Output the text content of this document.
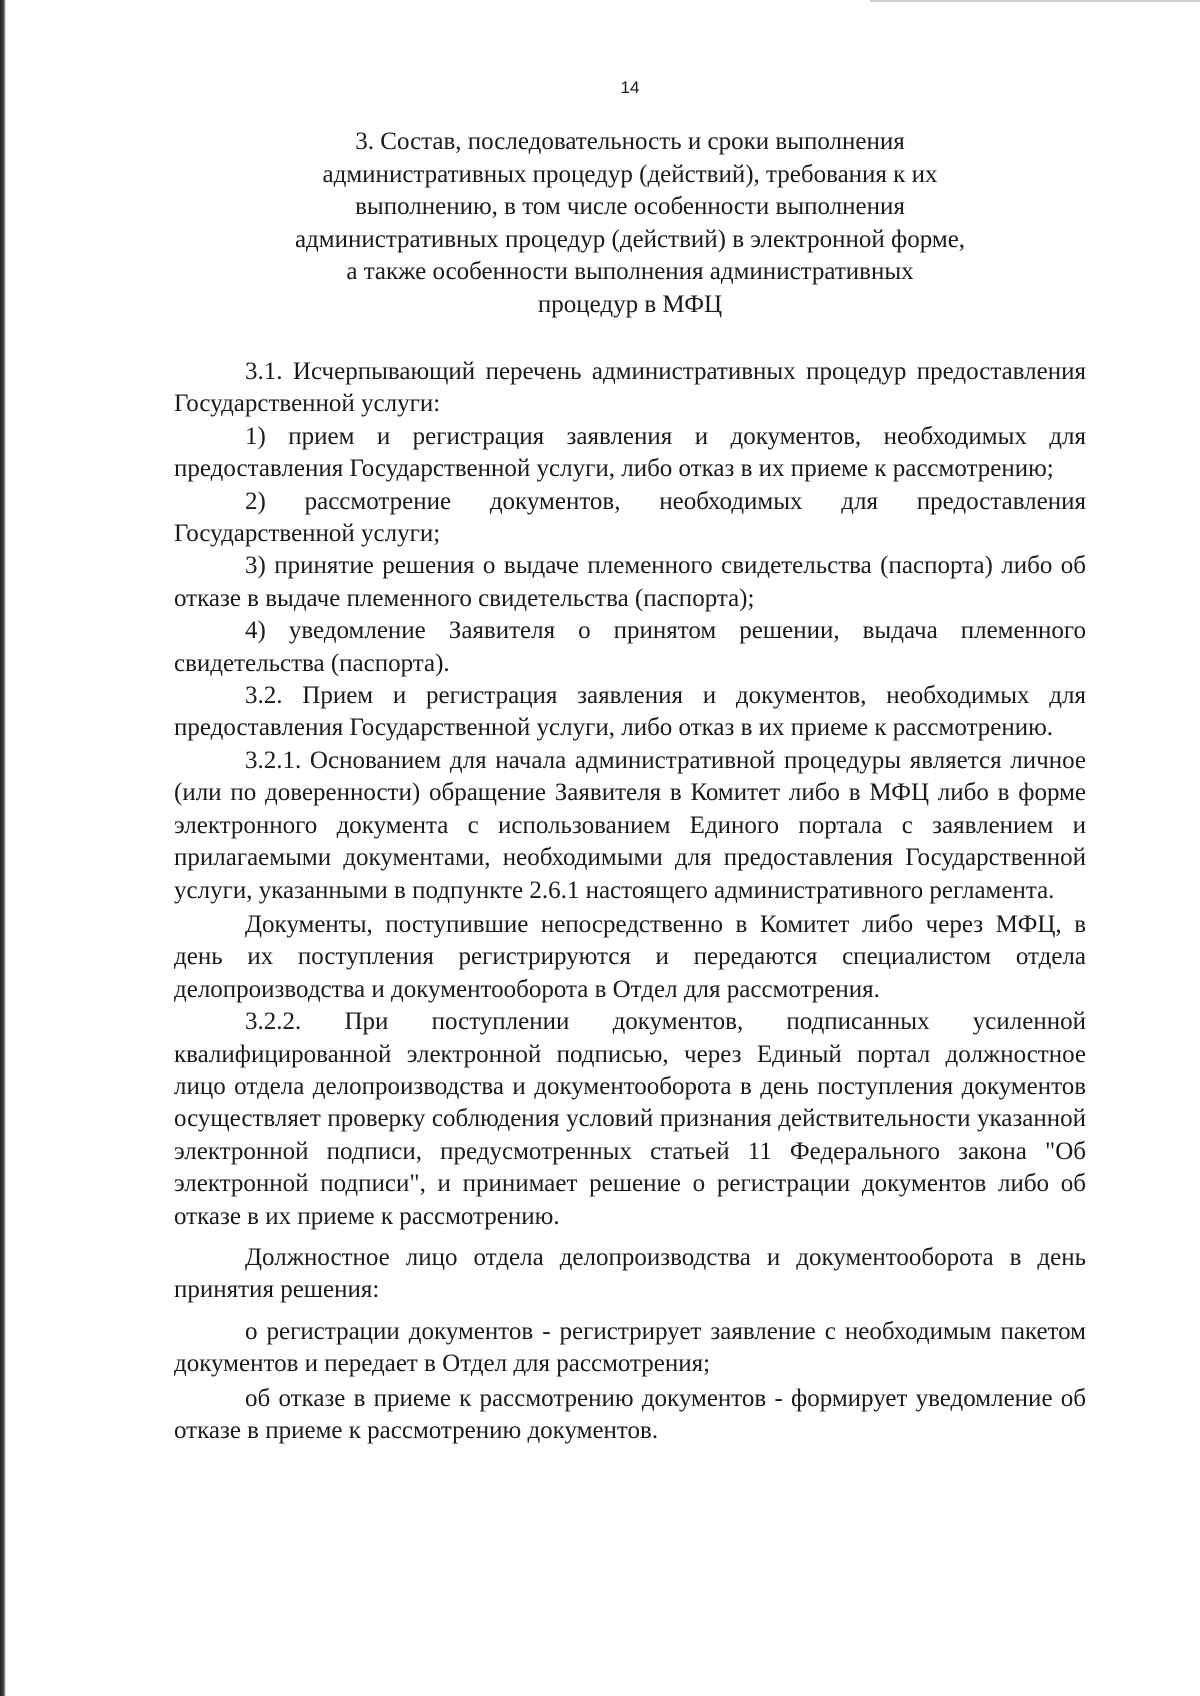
14
3. Состав, последовательность и сроки выполнения
административных процедур (действий), требования к их
выполнению, в том числе особенности выполнения
административных процедур (действий) в электронной форме,
а также особенности выполнения административных
процедур в МФЦ

3.1. Исчерпывающий перечень административных процедур предоставления Государственной услуги:

1) прием и регистрация заявления и документов, необходимых для предоставления Государственной услуги, либо отказ в их приеме к рассмотрению;

2) рассмотрение документов, необходимых для предоставления Государственной услуги;

3) принятие решения о выдаче племенного свидетельства (паспорта) либо об отказе в выдаче племенного свидетельства (паспорта);

4) уведомление Заявителя о принятом решении, выдача племенного свидетельства (паспорта).

3.2. Прием и регистрация заявления и документов, необходимых для предоставления Государственной услуги, либо отказ в их приеме к рассмотрению.

3.2.1. Основанием для начала административной процедуры является личное (или по доверенности) обращение Заявителя в Комитет либо в МФЦ либо в форме электронного документа с использованием Единого портала с заявлением и прилагаемыми документами, необходимыми для предоставления Государственной услуги, указанными в подпункте 2.6.1 настоящего административного регламента.

Документы, поступившие непосредственно в Комитет либо через МФЦ, в день их поступления регистрируются и передаются специалистом отдела делопроизводства и документооборота в Отдел для рассмотрения.

3.2.2. При поступлении документов, подписанных усиленной квалифицированной электронной подписью, через Единый портал должностное лицо отдела делопроизводства и документооборота в день поступления документов осуществляет проверку соблюдения условий признания действительности указанной электронной подписи, предусмотренных статьей 11 Федерального закона "Об электронной подписи", и принимает решение о регистрации документов либо об отказе в их приеме к рассмотрению.

Должностное лицо отдела делопроизводства и документооборота в день принятия решения:

о регистрации документов - регистрирует заявление с необходимым пакетом документов и передает в Отдел для рассмотрения;

об отказе в приеме к рассмотрению документов - формирует уведомление об отказе в приеме к рассмотрению документов.
